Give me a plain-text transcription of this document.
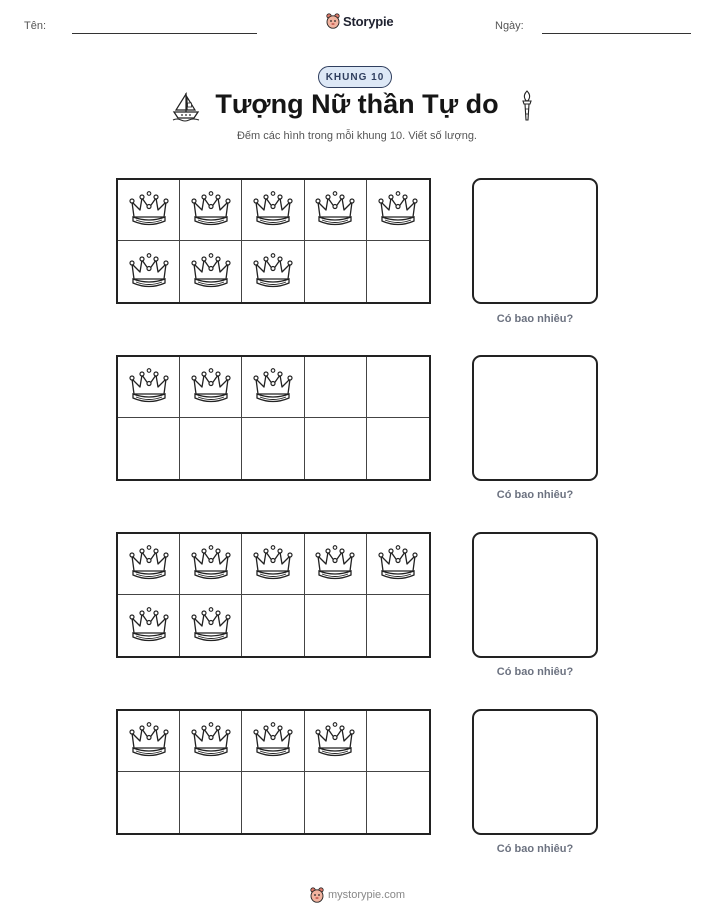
Tên:	Storypie	Ngày:
KHUNG 10
Tượng Nữ thần Tự do
Đếm các hình trong mỗi khung 10. Viết số lượng.
Có bao nhiêu?
Có bao nhiêu?
Có bao nhiêu?
Có bao nhiêu?
mystorypie.com
